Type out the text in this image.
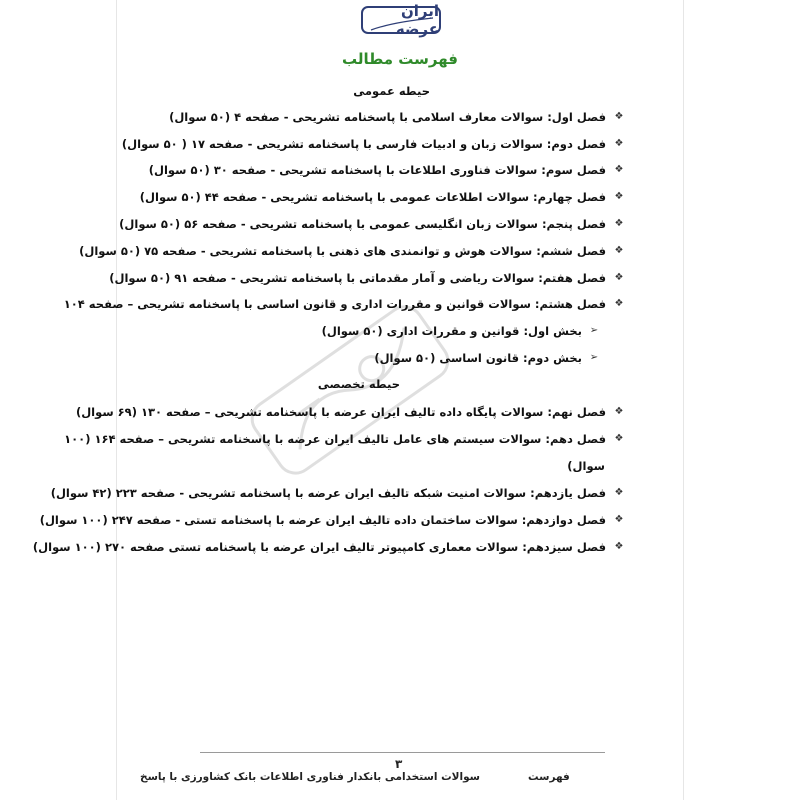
ایران عرضه
فهرست مطالب
حیطه عمومی
❖
فصل اول: سوالات معارف اسلامی با پاسخنامه تشریحی - صفحه ۴ (۵۰ سوال)
❖
فصل دوم: سوالات زبان و ادبیات فارسی با پاسخنامه تشریحی - صفحه ۱۷ ( ۵۰ سوال)
❖
فصل سوم: سوالات فناوری اطلاعات با پاسخنامه تشریحی - صفحه ۳۰ (۵۰ سوال)
❖
فصل چهارم: سوالات اطلاعات عمومی با پاسخنامه تشریحی - صفحه ۴۴ (۵۰ سوال)
❖
فصل پنجم: سوالات زبان انگلیسی عمومی با پاسخنامه تشریحی - صفحه ۵۶ (۵۰ سوال)
❖
فصل ششم: سوالات هوش و توانمندی های ذهنی با پاسخنامه تشریحی - صفحه ۷۵ (۵۰ سوال)
❖
فصل هفتم: سوالات ریاضی و آمار مقدماتی با پاسخنامه تشریحی - صفحه ۹۱ (۵۰ سوال)
❖
فصل هشتم: سوالات قوانین و مقررات اداری و قانون اساسی با پاسخنامه تشریحی – صفحه ۱۰۴
➢
بخش اول: قوانین و مقررات اداری (۵۰ سوال)
➢
بخش دوم: قانون اساسی (۵۰ سوال)
حیطه تخصصی
❖
فصل نهم: سوالات پایگاه داده تالیف ایران عرضه با پاسخنامه تشریحی – صفحه ۱۳۰ (۶۹ سوال)
❖
فصل دهم: سوالات سیستم های عامل تالیف ایران عرضه با پاسخنامه تشریحی – صفحه ۱۶۴ (۱۰۰
سوال)
❖
فصل یازدهم: سوالات امنیت شبکه تالیف ایران عرضه با پاسخنامه تشریحی - صفحه ۲۲۳ (۴۲ سوال)
❖
فصل دوازدهم: سوالات ساختمان داده تالیف ایران عرضه با پاسخنامه تستی - صفحه ۲۴۷ (۱۰۰ سوال)
❖
فصل سیزدهم: سوالات معماری کامپیوتر تالیف ایران عرضه با پاسخنامه تستی صفحه ۲۷۰ (۱۰۰ سوال)
۳
سوالات استخدامی بانکدار فناوری اطلاعات بانک کشاورزی با پاسخ	فهرست
